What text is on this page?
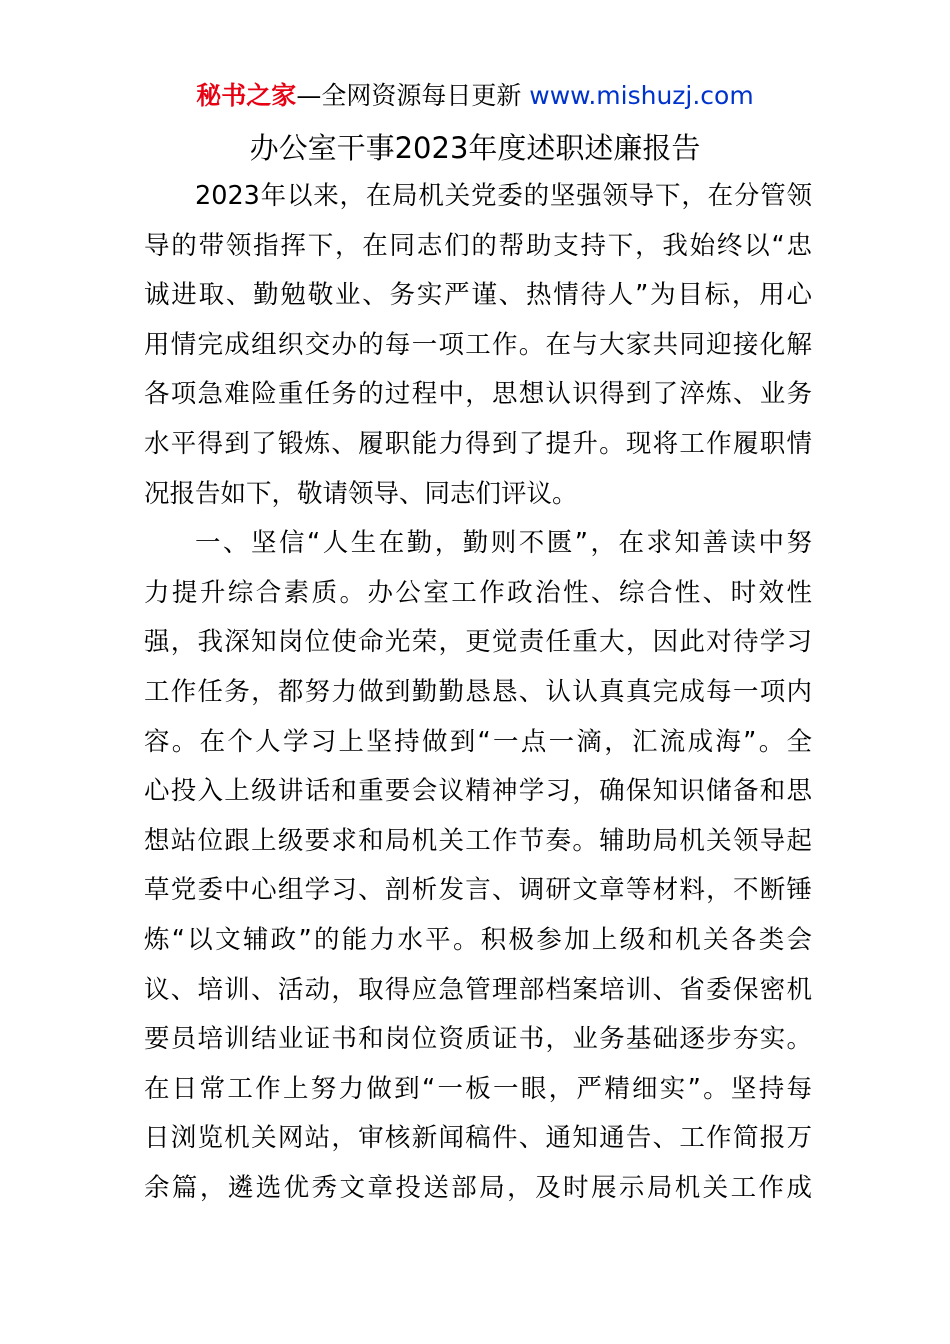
秘书之家—全网资源每日更新 www.mishuzj.com
办公室干事2023年度述职述廉报告
2023年以来，在局机关党委的坚强领导下，在分管领
导的带领指挥下，在同志们的帮助支持下，我始终以“忠
诚进取、勤勉敬业、务实严谨、热情待人”为目标，用心
用情完成组织交办的每一项工作。在与大家共同迎接化解
各项急难险重任务的过程中，思想认识得到了淬炼、业务
水平得到了锻炼、履职能力得到了提升。现将工作履职情
况报告如下，敬请领导、同志们评议。
一、坚信“人生在勤，勤则不匮”，在求知善读中努
力提升综合素质。办公室工作政治性、综合性、时效性
强，我深知岗位使命光荣，更觉责任重大，因此对待学习
工作任务，都努力做到勤勤恳恳、认认真真完成每一项内
容。在个人学习上坚持做到“一点一滴，汇流成海”。全
心投入上级讲话和重要会议精神学习，确保知识储备和思
想站位跟上级要求和局机关工作节奏。辅助局机关领导起
草党委中心组学习、剖析发言、调研文章等材料，不断锤
炼“以文辅政”的能力水平。积极参加上级和机关各类会
议、培训、活动，取得应急管理部档案培训、省委保密机
要员培训结业证书和岗位资质证书，业务基础逐步夯实。
在日常工作上努力做到“一板一眼，严精细实”。坚持每
日浏览机关网站，审核新闻稿件、通知通告、工作简报万
余篇，遴选优秀文章投送部局，及时展示局机关工作成
